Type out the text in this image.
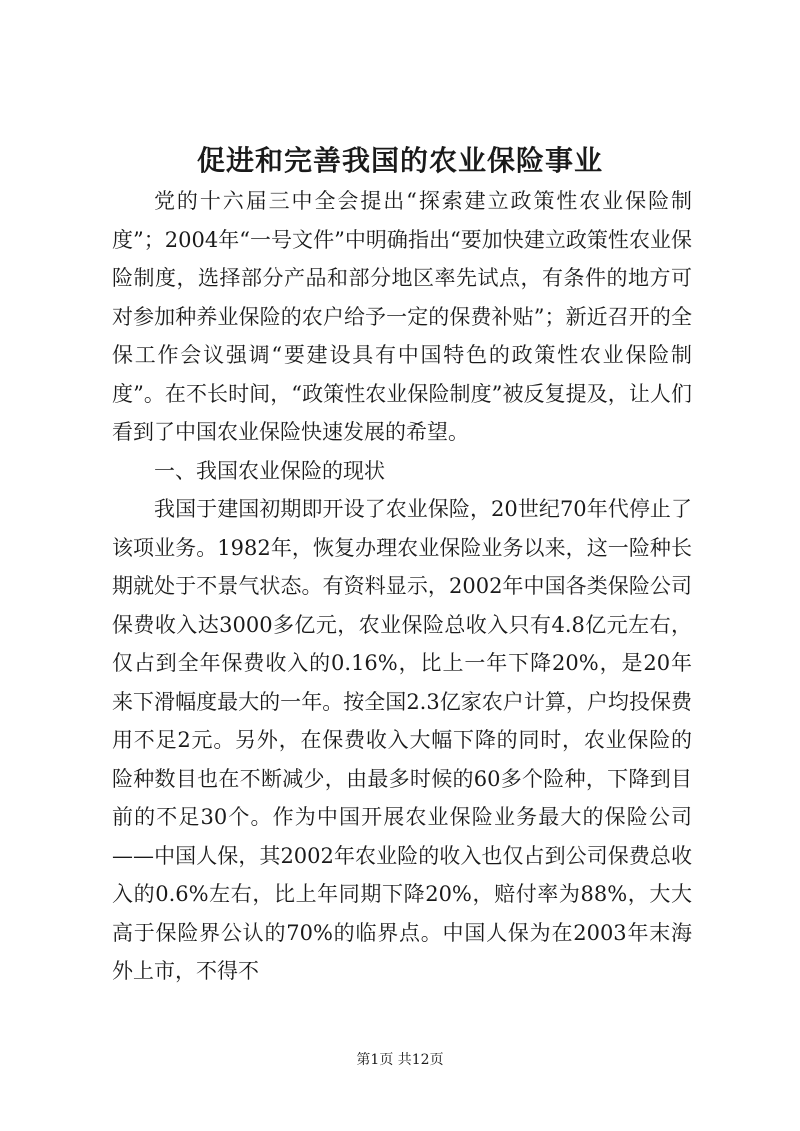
促进和完善我国的农业保险事业

党的十六届三中全会提出“探索建立政策性农业保险制度”；2004年“一号文件”中明确指出“要加快建立政策性农业保险制度，选择部分产品和部分地区率先试点，有条件的地方可对参加种养业保险的农户给予一定的保费补贴”；新近召开的全保工作会议强调“要建设具有中国特色的政策性农业保险制度”。在不长时间，“政策性农业保险制度”被反复提及，让人们看到了中国农业保险快速发展的希望。

一、我国农业保险的现状

我国于建国初期即开设了农业保险，20世纪70年代停止了该项业务。1982年，恢复办理农业保险业务以来，这一险种长期就处于不景气状态。有资料显示，2002年中国各类保险公司保费收入达3000多亿元，农业保险总收入只有4.8亿元左右，仅占到全年保费收入的0.16%，比上一年下降20%，是20年来下滑幅度最大的一年。按全国2.3亿家农户计算，户均投保费用不足2元。另外，在保费收入大幅下降的同时，农业保险的险种数目也在不断减少，由最多时候的60多个险种，下降到目前的不足30个。作为中国开展农业保险业务最大的保险公司——中国人保，其2002年农业险的收入也仅占到公司保费总收入的0.6%左右，比上年同期下降20%，赔付率为88%，大大高于保险界公认的70%的临界点。中国人保为在2003年末海外上市，不得不

第1页 共12页
